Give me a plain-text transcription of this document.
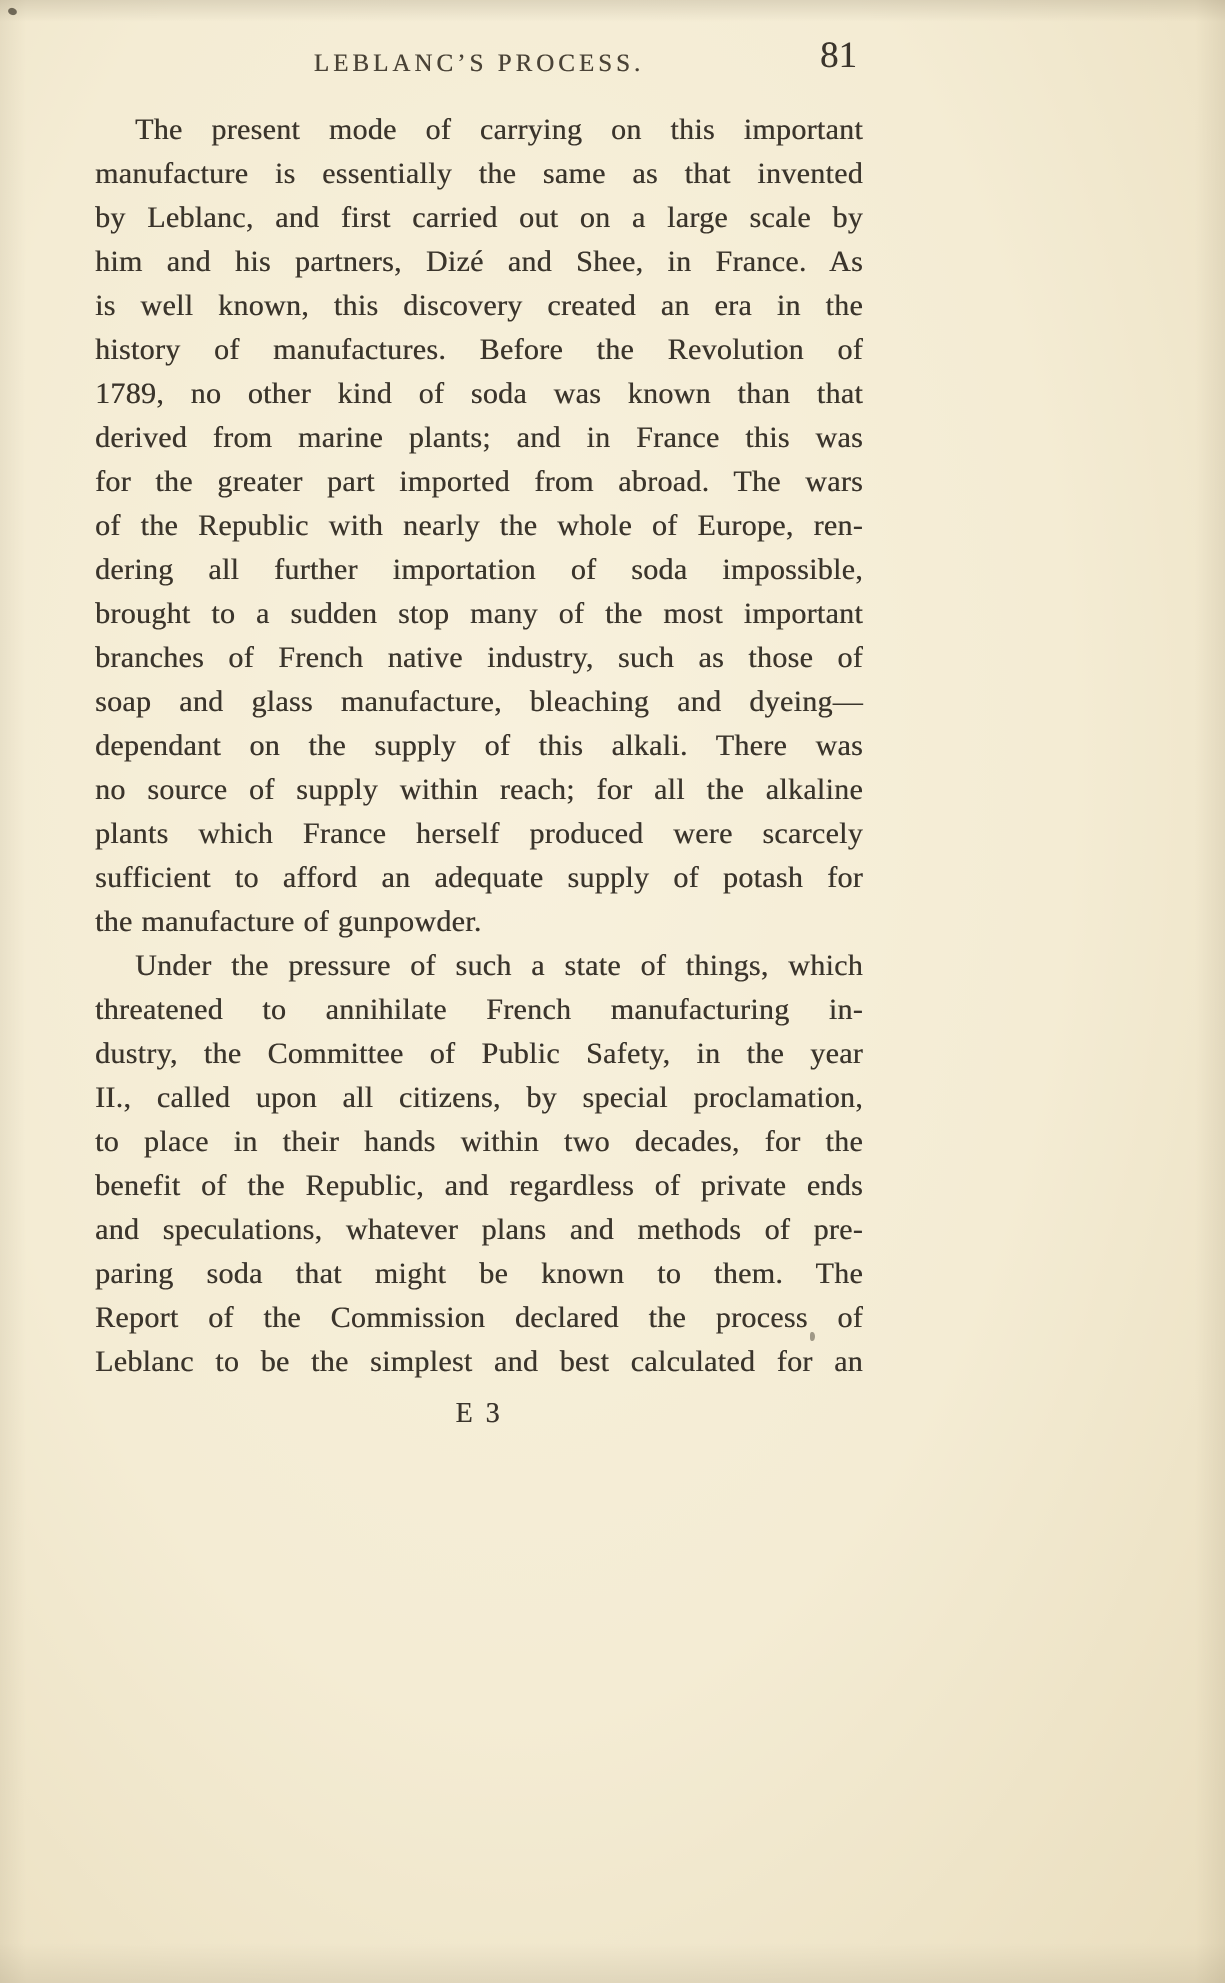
LEBLANC’S PROCESS.	81
The present mode of carrying on this important
manufacture is essentially the same as that invented
by Leblanc, and first carried out on a large scale by
him and his partners, Dizé and Shee, in France. As
is well known, this discovery created an era in the
history of manufactures. Before the Revolution of
1789, no other kind of soda was known than that
derived from marine plants; and in France this was
for the greater part imported from abroad. The wars
of the Republic with nearly the whole of Europe, ren-
dering all further importation of soda impossible,
brought to a sudden stop many of the most important
branches of French native industry, such as those of
soap and glass manufacture, bleaching and dyeing—
dependant on the supply of this alkali. There was
no source of supply within reach; for all the alkaline
plants which France herself produced were scarcely
sufficient to afford an adequate supply of potash for
the manufacture of gunpowder.
Under the pressure of such a state of things, which
threatened to annihilate French manufacturing in-
dustry, the Committee of Public Safety, in the year
II., called upon all citizens, by special proclamation,
to place in their hands within two decades, for the
benefit of the Republic, and regardless of private ends
and speculations, whatever plans and methods of pre-
paring soda that might be known to them. The
Report of the Commission declared the process of
Leblanc to be the simplest and best calculated for an
E 3
